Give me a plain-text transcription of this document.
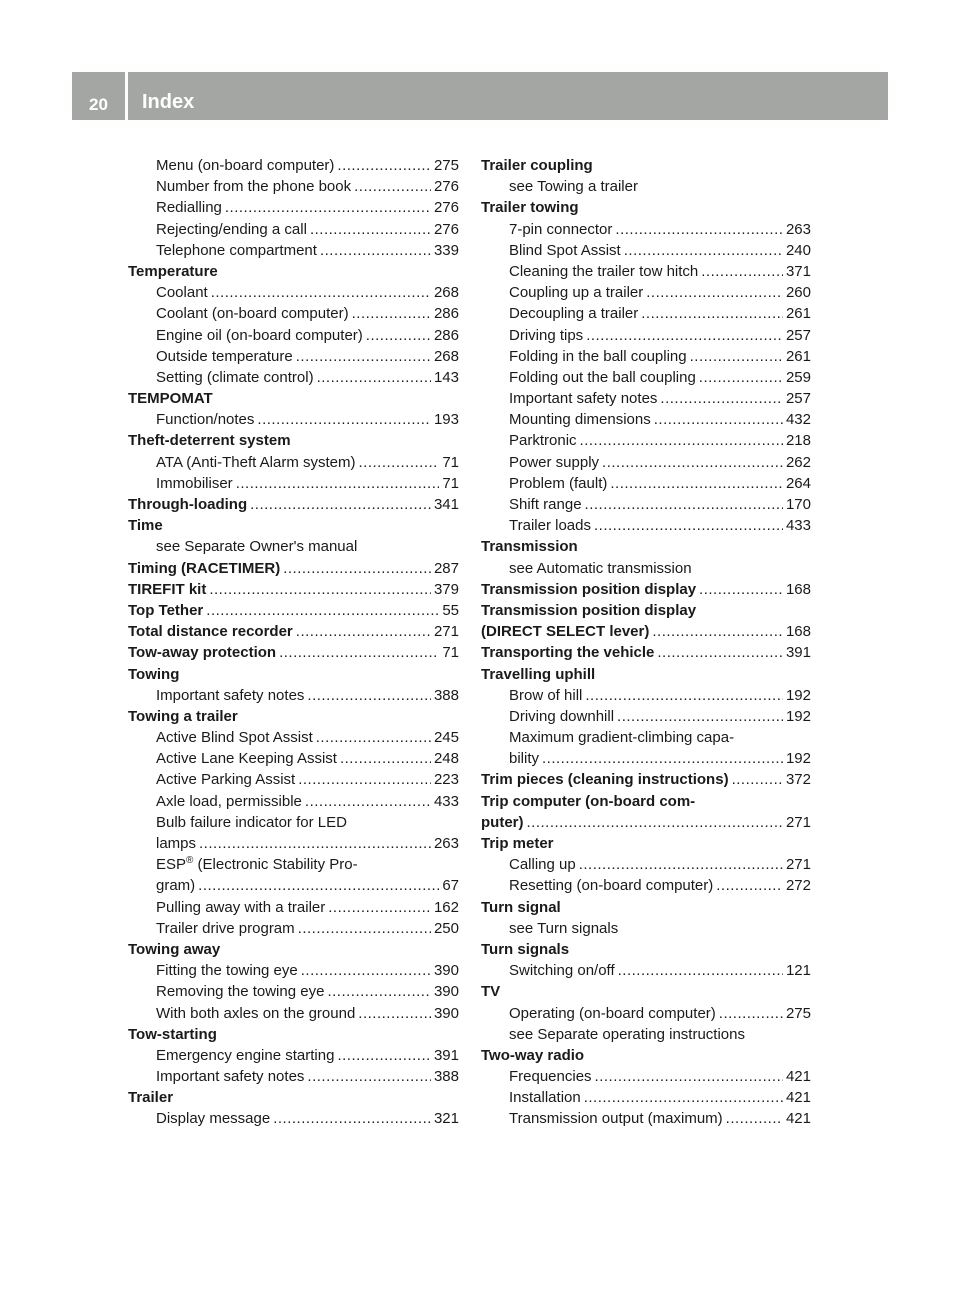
20	Index
Menu (on-board computer) .....	275
Number from the phone book .....	276
Redialling .....	276
Rejecting/ending a call .....	276
Telephone compartment .....	339
Temperature
Coolant .....	268
Coolant (on-board computer) .....	286
Engine oil (on-board computer) .....	286
Outside temperature .....	268
Setting (climate control) .....	143
TEMPOMAT
Function/notes .....	193
Theft-deterrent system
ATA (Anti-Theft Alarm system) .....	71
Immobiliser .....	71
Through-loading .....	341
Time
see Separate Owner's manual
Timing (RACETIMER) .....	287
TIREFIT kit .....	379
Top Tether .....	55
Total distance recorder .....	271
Tow-away protection .....	71
Towing
Important safety notes .....	388
Towing a trailer
Active Blind Spot Assist .....	245
Active Lane Keeping Assist .....	248
Active Parking Assist .....	223
Axle load, permissible .....	433
Bulb failure indicator for LED
lamps .....	263
ESP® (Electronic Stability Pro-
gram) .....	67
Pulling away with a trailer .....	162
Trailer drive program .....	250
Towing away
Fitting the towing eye .....	390
Removing the towing eye .....	390
With both axles on the ground .....	390
Tow-starting
Emergency engine starting .....	391
Important safety notes .....	388
Trailer
Display message .....	321
Trailer coupling
see Towing a trailer
Trailer towing
7-pin connector .....	263
Blind Spot Assist .....	240
Cleaning the trailer tow hitch .....	371
Coupling up a trailer .....	260
Decoupling a trailer .....	261
Driving tips .....	257
Folding in the ball coupling .....	261
Folding out the ball coupling .....	259
Important safety notes .....	257
Mounting dimensions .....	432
Parktronic .....	218
Power supply .....	262
Problem (fault) .....	264
Shift range .....	170
Trailer loads .....	433
Transmission
see Automatic transmission
Transmission position display .....	168
Transmission position display
(DIRECT SELECT lever) .....	168
Transporting the vehicle .....	391
Travelling uphill
Brow of hill .....	192
Driving downhill .....	192
Maximum gradient-climbing capa-
bility .....	192
Trim pieces (cleaning instructions) .....	372
Trip computer (on-board com-
puter) .....	271
Trip meter
Calling up .....	271
Resetting (on-board computer) .....	272
Turn signal
see Turn signals
Turn signals
Switching on/off .....	121
TV
Operating (on-board computer) .....	275
see Separate operating instructions
Two-way radio
Frequencies .....	421
Installation .....	421
Transmission output (maximum) .....	421
